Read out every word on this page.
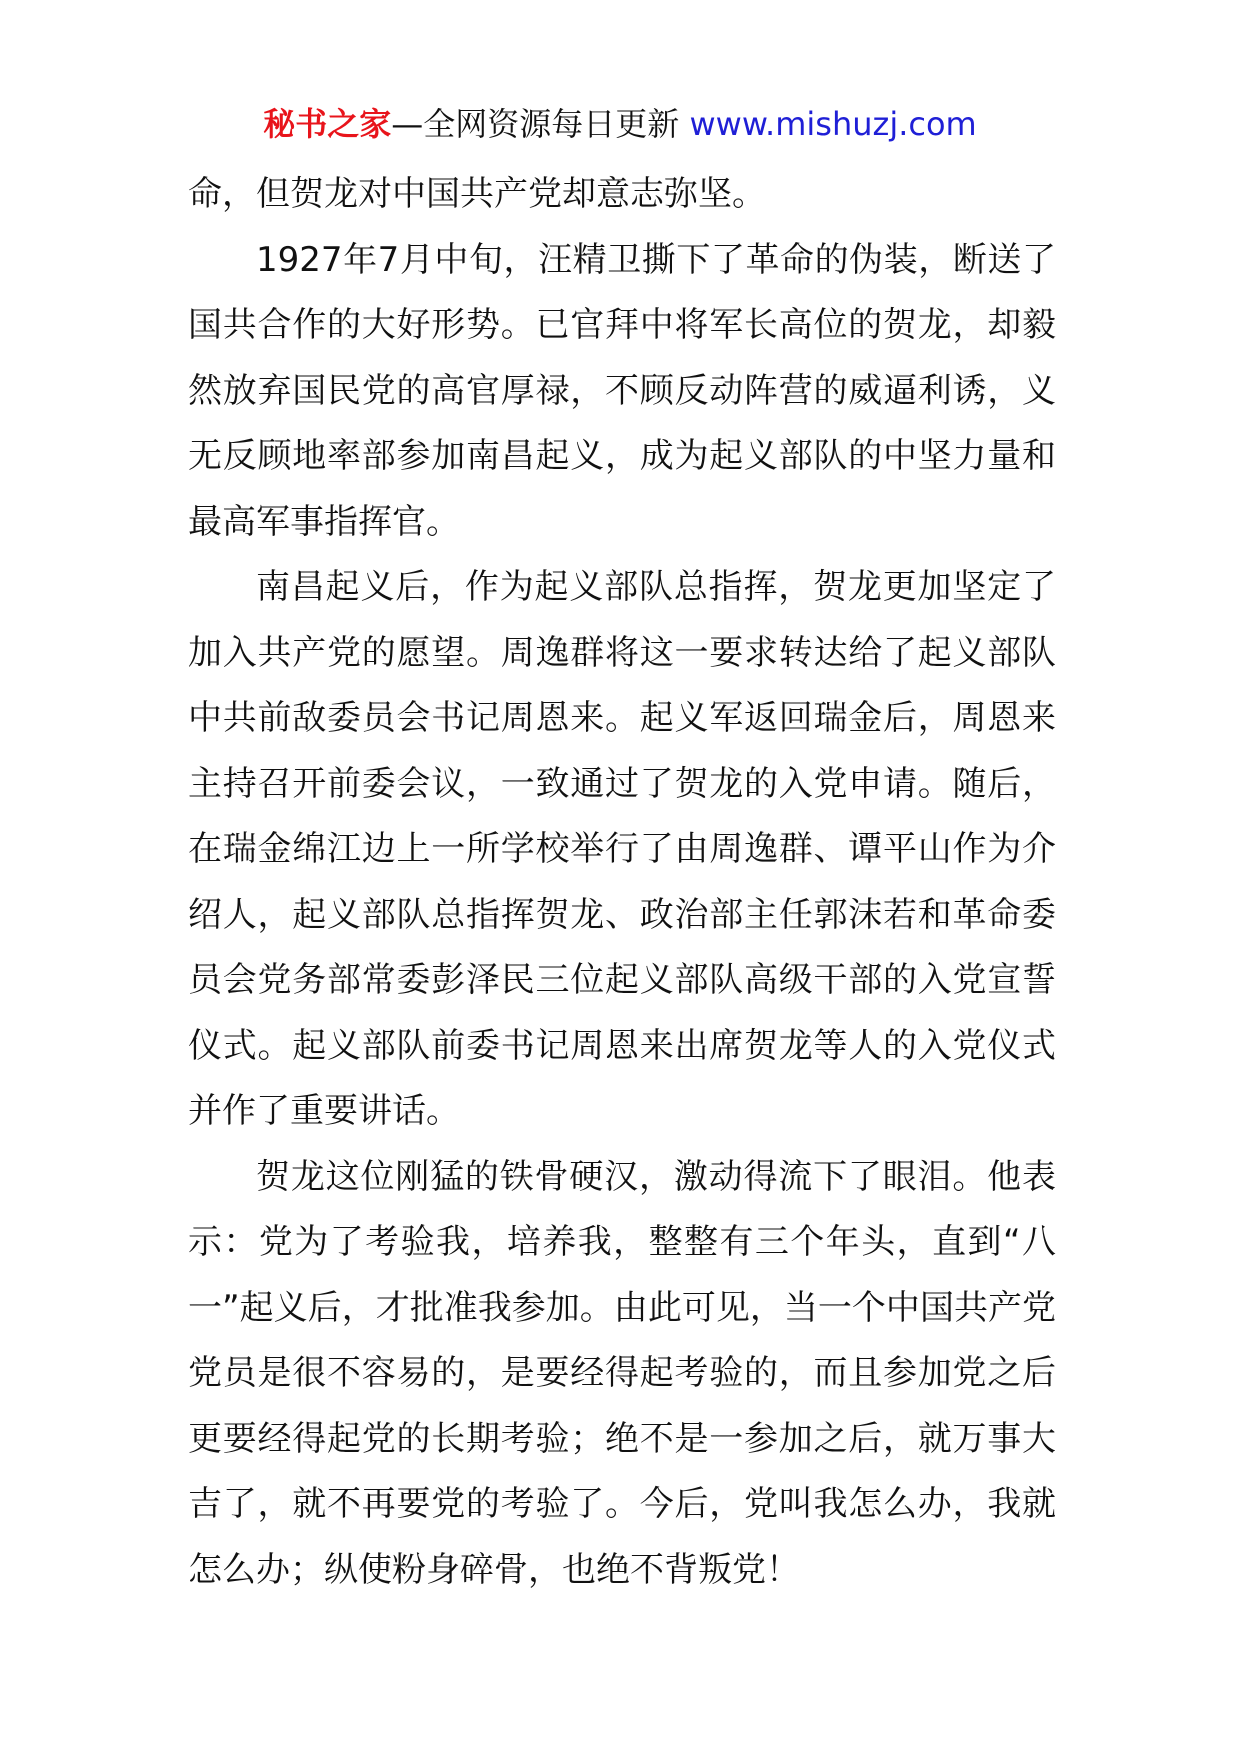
秘书之家—全网资源每日更新 www.mishuzj.com

命，但贺龙对中国共产党却意志弥坚。

1927年7月中旬，汪精卫撕下了革命的伪装，断送了国共合作的大好形势。已官拜中将军长高位的贺龙，却毅然放弃国民党的高官厚禄，不顾反动阵营的威逼利诱，义无反顾地率部参加南昌起义，成为起义部队的中坚力量和最高军事指挥官。

南昌起义后，作为起义部队总指挥，贺龙更加坚定了加入共产党的愿望。周逸群将这一要求转达给了起义部队中共前敌委员会书记周恩来。起义军返回瑞金后，周恩来主持召开前委会议，一致通过了贺龙的入党申请。随后，在瑞金绵江边上一所学校举行了由周逸群、谭平山作为介绍人，起义部队总指挥贺龙、政治部主任郭沫若和革命委员会党务部常委彭泽民三位起义部队高级干部的入党宣誓仪式。起义部队前委书记周恩来出席贺龙等人的入党仪式并作了重要讲话。

贺龙这位刚猛的铁骨硬汉，激动得流下了眼泪。他表示：党为了考验我，培养我，整整有三个年头，直到“八一”起义后，才批准我参加。由此可见，当一个中国共产党党员是很不容易的，是要经得起考验的，而且参加党之后更要经得起党的长期考验；绝不是一参加之后，就万事大吉了，就不再要党的考验了。今后，党叫我怎么办，我就怎么办；纵使粉身碎骨，也绝不背叛党！
